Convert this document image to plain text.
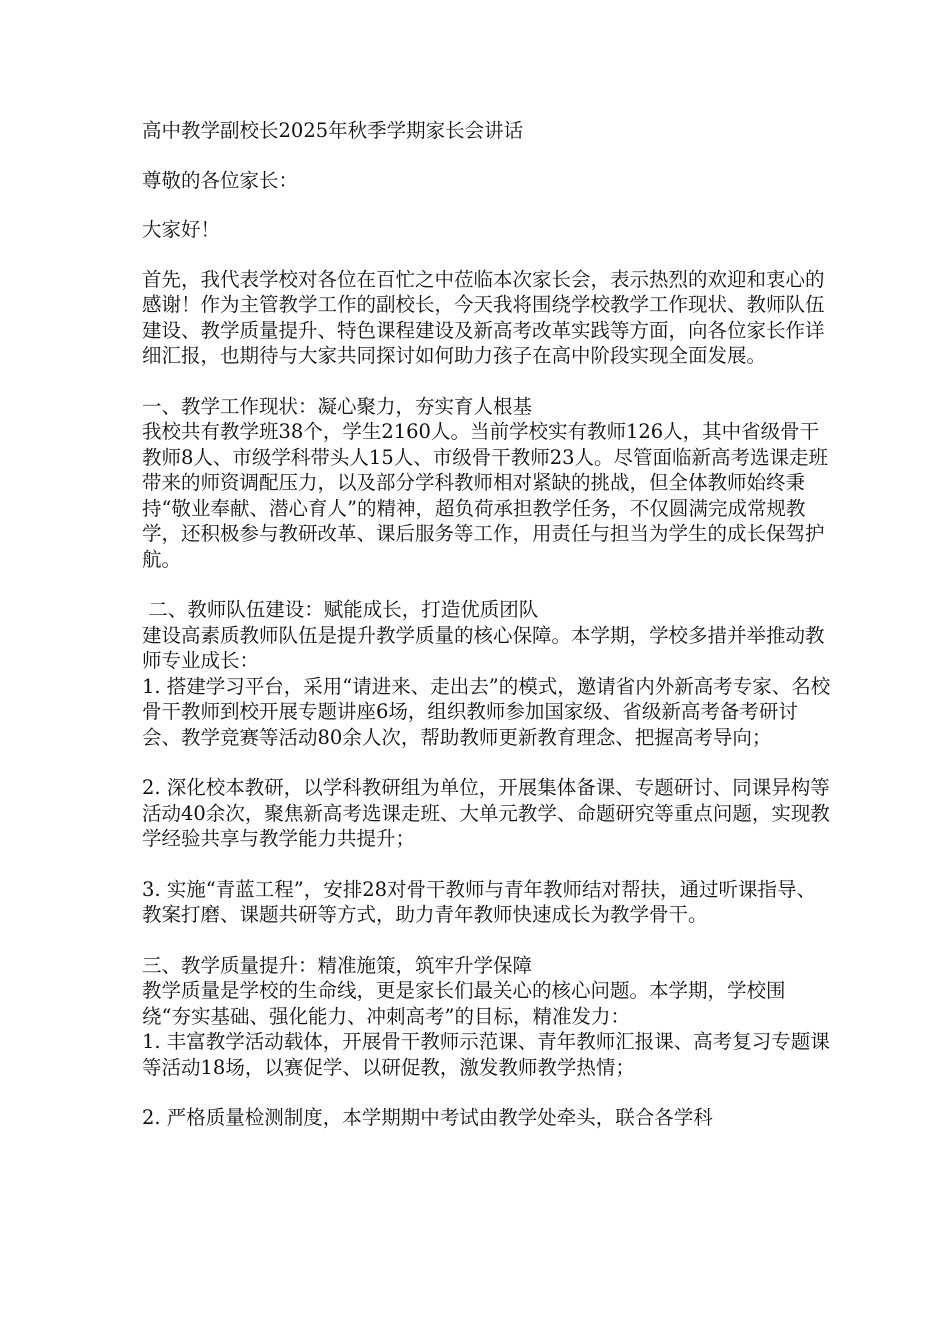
高中教学副校长2025年秋季学期家长会讲话

尊敬的各位家长：

大家好！

首先，我代表学校对各位在百忙之中莅临本次家长会，表示热烈的欢迎和衷心的感谢！作为主管教学工作的副校长，今天我将围绕学校教学工作现状、教师队伍建设、教学质量提升、特色课程建设及新高考改革实践等方面，向各位家长作详细汇报，也期待与大家共同探讨如何助力孩子在高中阶段实现全面发展。

一、教学工作现状：凝心聚力，夯实育人根基

我校共有教学班38个，学生2160人。当前学校实有教师126人，其中省级骨干教师8人、市级学科带头人15人、市级骨干教师23人。尽管面临新高考选课走班带来的师资调配压力，以及部分学科教师相对紧缺的挑战，但全体教师始终秉持“敬业奉献、潜心育人”的精神，超负荷承担教学任务，不仅圆满完成常规教学，还积极参与教研改革、课后服务等工作，用责任与担当为学生的成长保驾护航。

二、教师队伍建设：赋能成长，打造优质团队

建设高素质教师队伍是提升教学质量的核心保障。本学期，学校多措并举推动教师专业成长：

1. 搭建学习平台，采用“请进来、走出去”的模式，邀请省内外新高考专家、名校骨干教师到校开展专题讲座6场，组织教师参加国家级、省级新高考备考研讨会、教学竞赛等活动80余人次，帮助教师更新教育理念、把握高考导向；

2. 深化校本教研，以学科教研组为单位，开展集体备课、专题研讨、同课异构等活动40余次，聚焦新高考选课走班、大单元教学、命题研究等重点问题，实现教学经验共享与教学能力共提升；

3. 实施“青蓝工程”，安排28对骨干教师与青年教师结对帮扶，通过听课指导、教案打磨、课题共研等方式，助力青年教师快速成长为教学骨干。

三、教学质量提升：精准施策，筑牢升学保障

教学质量是学校的生命线，更是家长们最关心的核心问题。本学期，学校围绕“夯实基础、强化能力、冲刺高考”的目标，精准发力：

1. 丰富教学活动载体，开展骨干教师示范课、青年教师汇报课、高考复习专题课等活动18场，以赛促学、以研促教，激发教师教学热情；

2. 严格质量检测制度，本学期期中考试由教学处牵头，联合各学科
